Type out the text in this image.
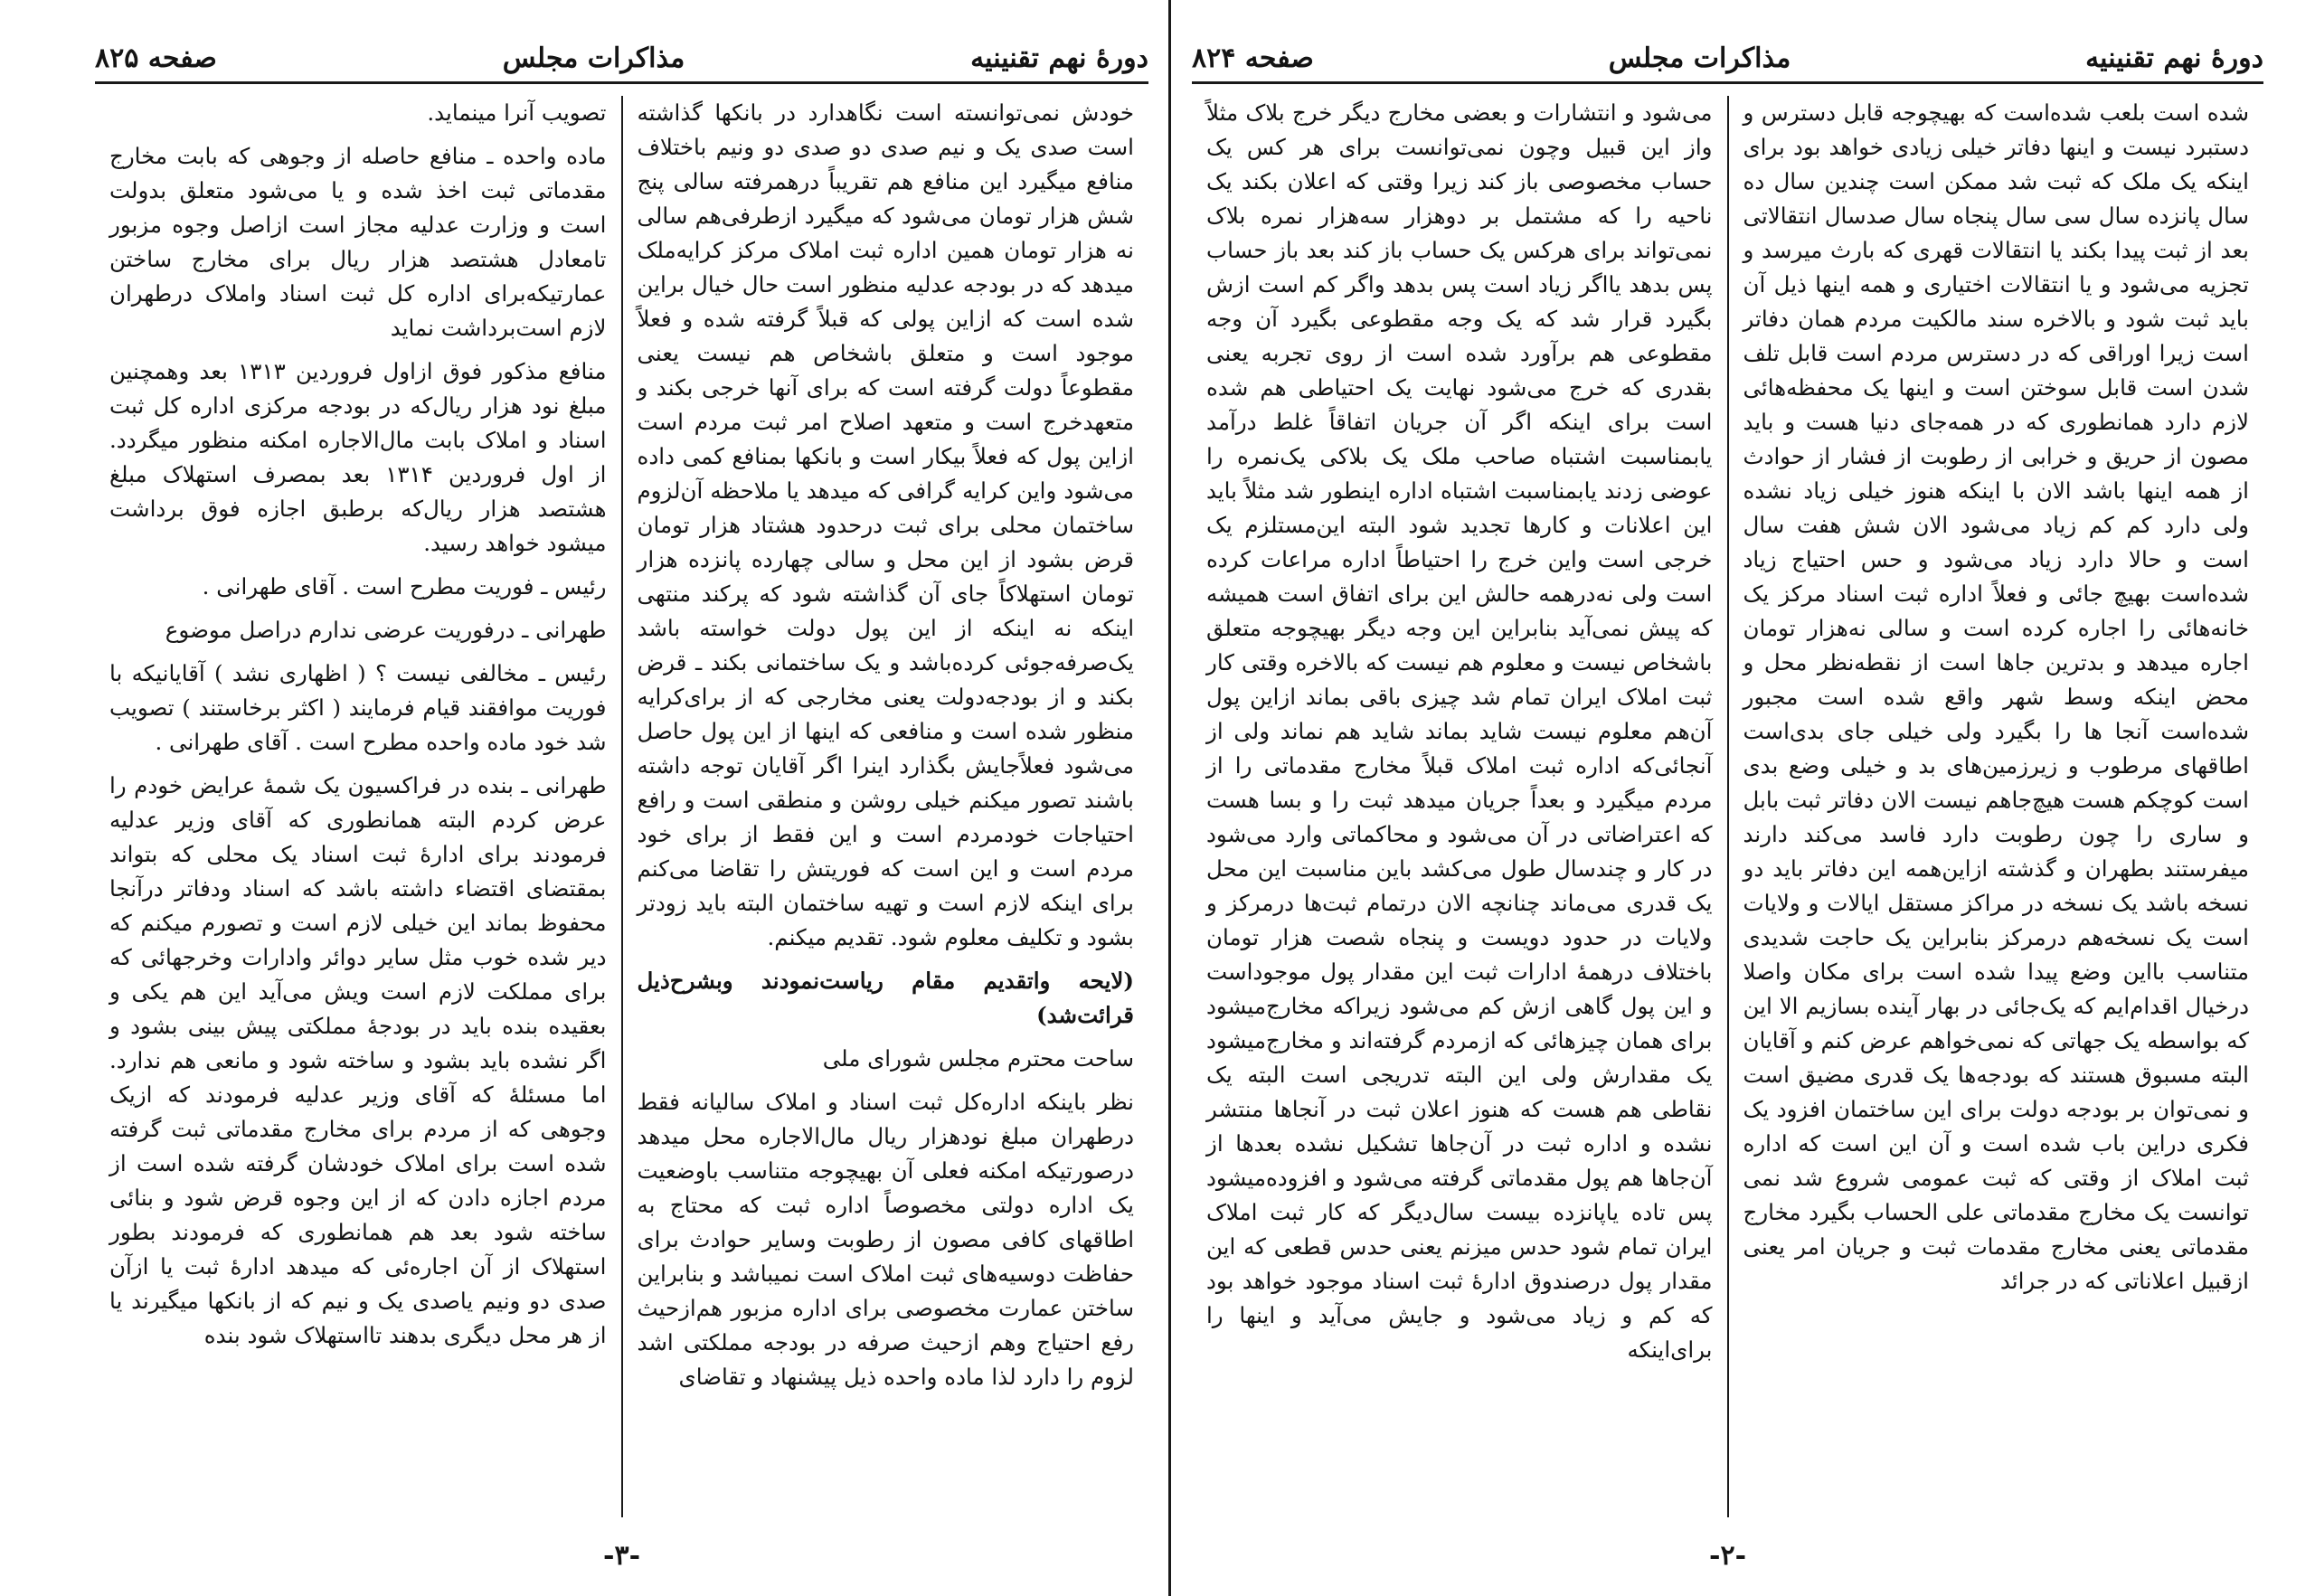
دورهٔ نهم تقنینیه
مذاکرات مجلس
صفحه ۸۲۵

خودش نمی‌توانسته است نگاهدارد در بانکها گذاشته است صدی یک و نیم صدی دو صدی دو ونیم باختلاف منافع میگیرد این منافع هم تقریباً درهمرفته سالی پنج شش هزار تومان می‌شود که میگیرد از‌طرفی‌هم سالی نه هزار تومان همین اداره ثبت املاک مرکز کرایه‌ملک میدهد که در بودجه عدلیه منظور است حال خیال براین شده است که ازاین پولی که قبلاً گرفته شده و فعلاً موجود است و متعلق باشخاص هم نیست یعنی مقطوعاً دولت گرفته است که برای آنها خرجی بکند و متعهد‌خرج است و متعهد اصلاح امر ثبت مردم است ازاین پول که فعلاً بیکار است و بانکها بمنافع کمی داده می‌شود واین کرایه گرافی که میدهد یا ملاحظه آن‌لزوم ساختمان محلی برای ثبت درحدود هشتاد هزار تومان قرض بشود از این محل و سالی چهارده پانزده هزار تومان استهلاکاً جای آن گذاشته شود که پرکند منتهی اینکه نه اینکه از این پول دولت خواسته باشد یک‌صرفه‌جوئی کرده‌باشد و یک ساختمانی بکند ـ قرض بکند و از بودجه‌دولت یعنی مخارجی که از برای‌کرایه منظور شده است و منافعی که اینها از این پول حاصل می‌شود فعلاً‌جایش بگذارد اینرا اگر آقایان توجه داشته باشند تصور میکنم خیلی روشن و منطقی است و رافع احتیاجات خودمردم است و این فقط از برای خود مردم است و این است که فوریتش را تقاضا می‌کنم برای اینکه لازم است و تهیه ساختمان البته باید زودتر بشود و تکلیف معلوم شود. تقدیم میکنم.

(لایحه واتقدیم مقام ریاست‌نمودند وبشرح‌ذیل قرائت‌شد)

ساحت محترم مجلس شورای ملی

نظر باینکه اداره‌کل ثبت اسناد و املاک سالیانه فقط درطهران مبلغ نودهزار ریال مال‌الاجاره محل میدهد درصورتیکه امکنه فعلی آن بهیچوجه متناسب باوضعیت یک اداره دولتی مخصوصاً اداره ثبت که محتاج به اطاقهای کافی مصون از رطوبت وسایر حوادث برای حفاظت دوسیه‌های ثبت املاک است نمیباشد و بنابراین ساختن عمارت مخصوصی برای اداره مزبور هم‌ازحیث رفع احتیاج وهم ازحیث صرفه در بودجه مملکتی اشد لزوم را دارد لذا ماده واحده ذیل پیشنهاد و تقاضای

تصویب آنرا مینماید.

ماده واحده ـ منافع حاصله از وجوهی که بابت مخارج مقدماتی ثبت اخذ شده و یا می‌شود متعلق بدولت است و وزارت عدلیه مجاز است ازاصل وجوه مزبور تامعادل هشتصد هزار ریال برای مخارج ساختن عمارتیکه‌برای اداره کل ثبت اسناد واملاک درطهران لازم است‌برداشت نماید

منافع مذکور فوق ازاول فروردین ۱۳۱۳ بعد وهمچنین مبلغ نود هزار ریال‌که در بودجه مرکزی اداره کل ثبت اسناد و املاک بابت مال‌الاجاره امکنه منظور میگردد. از اول فروردین ۱۳۱۴ بعد بمصرف استهلاک مبلغ هشتصد هزار ریال‌که برطبق اجازه فوق برداشت میشود خواهد رسید.

رئیس ـ فوریت مطرح است . آقای طهرانی .

طهرانی ـ درفوریت عرضی ندارم دراصل موضوع

رئیس ـ مخالفی نیست ؟ ( اظهاری نشد ) آقایانیکه با فوریت موافقند قیام فرمایند ( اکثر برخاستند ) تصویب شد خود ماده واحده مطرح است . آقای طهرانی .

طهرانی ـ بنده در فراکسیون یک شمهٔ عرایض خودم را عرض کردم البته همانطوری که آقای وزیر عدلیه فرمودند برای ادارهٔ ثبت اسناد یک محلی که بتواند بمقتضای اقتضاء داشته باشد که اسناد ودفاتر درآنجا محفوظ بماند این خیلی لازم است و تصورم میکنم که دیر شده خوب مثل سایر دوائر وادارات وخرجهائی که برای مملکت لازم است ویش می‌آید این هم یکی و بعقیده بنده باید در بودجهٔ مملکتی پیش بینی بشود و اگر نشده باید بشود و ساخته شود و مانعی هم ندارد. اما مسئلهٔ که آقای وزیر عدلیه فرمودند که ازیک وجوهی که از مردم برای مخارج مقدماتی ثبت گرفته شده است برای املاک خودشان گرفته شده است از مردم اجازه دادن که از این وجوه قرض شود و بنائی ساخته شود بعد هم همانطوری که فرمودند بطور استهلاک از آن اجاره‌ئی که میدهد ادارهٔ ثبت یا ازآن صدی دو ونیم یاصدی یک و نیم که از بانکها میگیرند یا از هر محل دیگری بدهند تااستهلاک شود بنده

-۳-
دورهٔ نهم تقنینیه
مذاکرات مجلس
صفحه ۸۲۴

شده است بلعب شده‌است که بهیچوجه قابل دسترس و دستبرد نیست و اینها دفاتر خیلی زیادی خواهد بود برای اینکه یک ملک که ثبت شد ممکن است چندین سال ده سال پانزده سال سی سال پنجاه سال صدسال انتقالاتی بعد از ثبت پیدا بکند یا انتقالات قهری که بارث میرسد و تجزیه می‌شود و یا انتقالات اختیاری و همه اینها ذیل آن باید ثبت شود و بالاخره سند مالکیت مردم همان دفاتر است زیرا اوراقی که در دسترس مردم است قابل تلف شدن است قابل سوختن است و اینها یک محفظه‌هائی لازم دارد همانطوری که در همه‌جای دنیا هست و باید مصون از حریق و خرابی از رطوبت از فشار از حوادث از همه اینها باشد الان با اینکه هنوز خیلی زیاد نشده ولی دارد کم کم زیاد می‌شود الان شش هفت سال است و حالا دارد زیاد می‌شود و حس احتیاج زیاد شده‌است بهیچ جائی و فعلاً اداره ثبت اسناد مرکز یک خانه‌هائی را اجاره کرده است و سالی نه‌هزار تومان اجاره میدهد و بدترین جاها است از نقطه‌نظر محل و محض اینکه وسط شهر واقع شده است مجبور شده‌است آنجا ها را بگیرد ولی خیلی جای بدی‌است اطاقهای مرطوب و زیرزمین‌های بد و خیلی وضع بدی است کوچکم هست هیچ‌جاهم نیست الان دفاتر ثبت بابل و ساری را چون رطوبت دارد فاسد می‌کند دارند میفرستند بطهران و گذشته ازاین‌همه این دفاتر باید دو نسخه باشد یک نسخه در مراکز مستقل ایالات و ولایات است یک نسخه‌هم درمرکز بنابراین یک حاجت شدیدی متناسب بااین وضع پیدا شده است برای مکان واصلا درخیال اقدام‌ایم که یک‌جائی در بهار آینده بسازیم الا این که بواسطه یک جهاتی که نمی‌خواهم عرض کنم و آقایان البته مسبوق هستند که بودجه‌ها یک قدری مضیق است و نمی‌توان بر بودجه دولت برای این ساختمان افزود یک فکری دراین باب شده است و آن این است که اداره ثبت املاک از وقتی که ثبت عمومی شروع شد نمی توانست یک مخارج مقدماتی علی الحساب بگیرد مخارج مقدماتی یعنی مخارج مقدمات ثبت و جریان امر یعنی ازقبیل اعلاناتی که در جرائد

می‌شود و انتشارات و بعضی مخارج دیگر خرج بلاک مثلاً واز این قبیل وچون نمی‌توانست برای هر کس یک حساب مخصوصی باز کند زیرا وقتی که اعلان بکند یک ناحیه را که مشتمل بر دوهزار سه‌هزار نمره بلاک نمی‌تواند برای هرکس یک حساب باز کند بعد باز حساب پس بدهد یااگر زیاد است پس بدهد واگر کم است ازش بگیرد قرار شد که یک وجه مقطوعی بگیرد آن وجه مقطوعی هم برآورد شده است از روی تجربه یعنی بقدری که خرج می‌شود نهایت یک احتیاطی هم شده است برای اینکه اگر آن جریان اتفاقاً غلط درآمد یابمناسبت اشتباه صاحب ملک یک بلاکی یک‌نمره را عوضی زدند یابمناسبت اشتباه اداره اینطور شد مثلاً باید این اعلانات و کارها تجدید شود البته این‌مستلزم یک خرجی است واین خرج را احتیاطاً اداره مراعات کرده است ولی نه‌درهمه حالش این برای اتفاق است همیشه که پیش نمی‌آید بنابراین این وجه دیگر بهیچوجه متعلق باشخاص نیست و معلوم هم نیست که بالاخره وقتی کار ثبت املاک ایران تمام شد چیزی باقی بماند ازاین پول آن‌هم معلوم نیست شاید بماند شاید هم نماند ولی از آنجائی‌که اداره ثبت املاک قبلاً مخارج مقدماتی را از مردم میگیرد و بعداً جریان میدهد ثبت را و بسا هست که اعتراضاتی در آن می‌شود و محاکماتی وارد می‌شود در کار و چندسال طول می‌کشد باین مناسبت این محل یک قدری می‌ماند چنانچه الان درتمام ثبت‌ها درمرکز و ولایات در حدود دویست و پنجاه شصت هزار تومان باختلاف درهمهٔ ادارات ثبت این مقدار پول موجوداست و این پول گاهی ازش کم می‌شود زیراکه مخارج‌میشود برای همان چیزهائی که ازمردم گرفته‌اند و مخارج‌میشود یک مقدارش ولی این البته تدریجی است البته یک نقاطی هم هست که هنوز اعلان ثبت در آنجاها منتشر نشده و اداره ثبت در آن‌جاها تشکیل نشده بعدها از آن‌جاها هم پول مقدماتی گرفته می‌شود و افزوده‌میشود پس تاده یاپانزده بیست سال‌دیگر که کار ثبت املاک ایران تمام شود حدس میزنم یعنی حدس قطعی که این مقدار پول درصندوق ادارهٔ ثبت اسناد موجود خواهد بود که کم و زیاد می‌شود و جایش می‌آید و اینها را برای‌اینکه

-۲-
